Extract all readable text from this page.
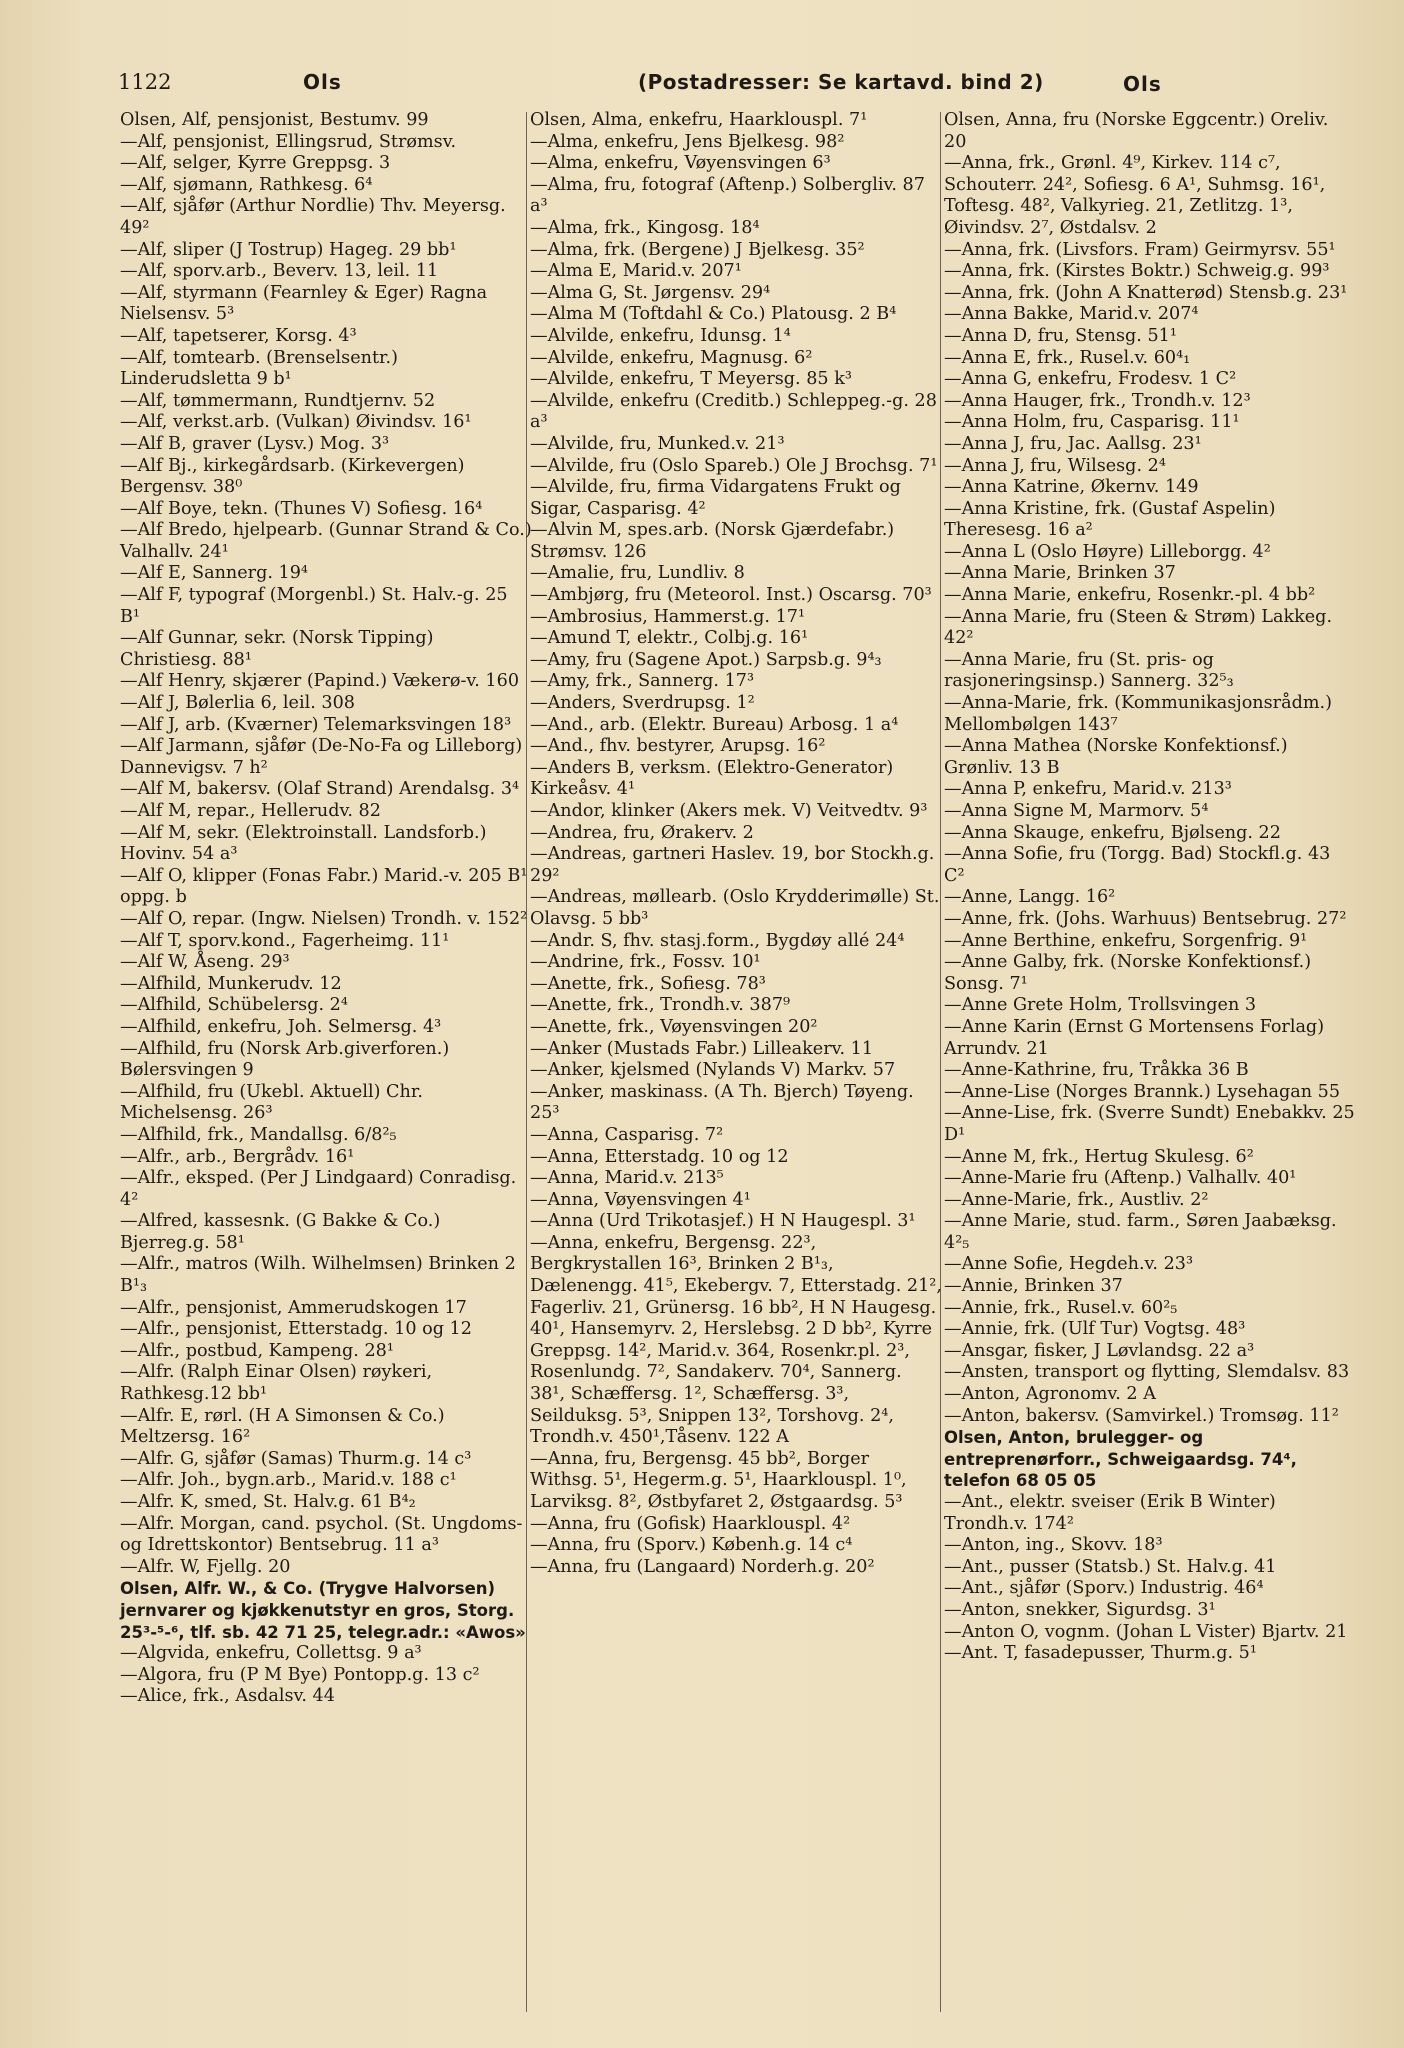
1122	Ols	(Postadresser: Se kartavd. bind 2)	Ols

Olsen, Alf, pensjonist, Bestumv. 99

—Alf, pensjonist, Ellingsrud, Strømsv.

—Alf, selger, Kyrre Greppsg. 3

—Alf, sjømann, Rathkesg. 6⁴

—Alf, sjåfør (Arthur Nordlie) Thv. Meyersg. 49²

—Alf, sliper (J Tostrup) Hageg. 29 bb¹

—Alf, sporv.arb., Beverv. 13, leil. 11

—Alf, styrmann (Fearnley & Eger) Ragna Nielsensv. 5³

—Alf, tapetserer, Korsg. 4³

—Alf, tomtearb. (Brenselsentr.) Linderudsletta 9 b¹

—Alf, tømmermann, Rundtjernv. 52

—Alf, verkst.arb. (Vulkan) Øivindsv. 16¹

—Alf B, graver (Lysv.) Mog. 3³

—Alf Bj., kirkegårdsarb. (Kirkevergen) Bergensv. 38⁰

—Alf Boye, tekn. (Thunes V) Sofiesg. 16⁴

—Alf Bredo, hjelpearb. (Gunnar Strand & Co.) Valhallv. 24¹

—Alf E, Sannerg. 19⁴

—Alf F, typograf (Morgenbl.) St. Halv.-g. 25 B¹

—Alf Gunnar, sekr. (Norsk Tipping) Christiesg. 88¹

—Alf Henry, skjærer (Papind.) Vækerø-v. 160

—Alf J, Bølerlia 6, leil. 308

—Alf J, arb. (Kværner) Telemarksvingen 18³

—Alf Jarmann, sjåfør (De-No-Fa og Lilleborg) Dannevigsv. 7 h²

—Alf M, bakersv. (Olaf Strand) Arendalsg. 3⁴

—Alf M, repar., Hellerudv. 82

—Alf M, sekr. (Elektroinstall. Landsforb.) Hovinv. 54 a³

—Alf O, klipper (Fonas Fabr.) Marid.-v. 205 B¹ oppg. b

—Alf O, repar. (Ingw. Nielsen) Trondh. v. 152²

—Alf T, sporv.kond., Fagerheimg. 11¹

—Alf W, Åseng. 29³

—Alfhild, Munkerudv. 12

—Alfhild, Schübelersg. 2⁴

—Alfhild, enkefru, Joh. Selmersg. 4³

—Alfhild, fru (Norsk Arb.giverforen.) Bølersvingen 9

—Alfhild, fru (Ukebl. Aktuell) Chr. Michelsensg. 26³

—Alfhild, frk., Mandallsg. 6/8²₅

—Alfr., arb., Bergrådv. 16¹

—Alfr., eksped. (Per J Lindgaard) Conradisg. 4²

—Alfred, kassesnk. (G Bakke & Co.) Bjerreg.g. 58¹

—Alfr., matros (Wilh. Wilhelmsen) Brinken 2 B¹₃

—Alfr., pensjonist, Ammerudskogen 17

—Alfr., pensjonist, Etterstadg. 10 og 12

—Alfr., postbud, Kampeng. 28¹

—Alfr. (Ralph Einar Olsen) røykeri, Rathkesg.12 bb¹

—Alfr. E, rørl. (H A Simonsen & Co.) Meltzersg. 16²

—Alfr. G, sjåfør (Samas) Thurm.g. 14 c³

—Alfr. Joh., bygn.arb., Marid.v. 188 c¹

—Alfr. K, smed, St. Halv.g. 61 B⁴₂

—Alfr. Morgan, cand. psychol. (St. Ungdoms- og Idrettskontor) Bentsebrug. 11 a³

—Alfr. W, Fjellg. 20

Olsen, Alfr. W., & Co. (Trygve Halvorsen) jernvarer og kjøkkenutstyr en gros, Storg. 25³-⁵-⁶, tlf. sb. 42 71 25, telegr.adr.: «Awos»

—Algvida, enkefru, Collettsg. 9 a³

—Algora, fru (P M Bye) Pontopp.g. 13 c²

—Alice, frk., Asdalsv. 44

Olsen, Alma, enkefru, Haarklouspl. 7¹

—Alma, enkefru, Jens Bjelkesg. 98²

—Alma, enkefru, Vøyensvingen 6³

—Alma, fru, fotograf (Aftenp.) Solbergliv. 87 a³

—Alma, frk., Kingosg. 18⁴

—Alma, frk. (Bergene) J Bjelkesg. 35²

—Alma E, Marid.v. 207¹

—Alma G, St. Jørgensv. 29⁴

—Alma M (Toftdahl & Co.) Platousg. 2 B⁴

—Alvilde, enkefru, Idunsg. 1⁴

—Alvilde, enkefru, Magnusg. 6²

—Alvilde, enkefru, T Meyersg. 85 k³

—Alvilde, enkefru (Creditb.) Schleppeg.-g. 28 a³

—Alvilde, fru, Munked.v. 21³

—Alvilde, fru (Oslo Spareb.) Ole J Brochsg. 7¹

—Alvilde, fru, firma Vidargatens Frukt og Sigar, Casparisg. 4²

—Alvin M, spes.arb. (Norsk Gjærdefabr.) Strømsv. 126

—Amalie, fru, Lundliv. 8

—Ambjørg, fru (Meteorol. Inst.) Oscarsg. 70³

—Ambrosius, Hammerst.g. 17¹

—Amund T, elektr., Colbj.g. 16¹

—Amy, fru (Sagene Apot.) Sarpsb.g. 9⁴₃

—Amy, frk., Sannerg. 17³

—Anders, Sverdrupsg. 1²

—And., arb. (Elektr. Bureau) Arbosg. 1 a⁴

—And., fhv. bestyrer, Arupsg. 16²

—Anders B, verksm. (Elektro-Generator) Kirkeåsv. 4¹

—Andor, klinker (Akers mek. V) Veitvedtv. 9³

—Andrea, fru, Ørakerv. 2

—Andreas, gartneri Haslev. 19, bor Stockh.g. 29²

—Andreas, møllearb. (Oslo Krydderimølle) St. Olavsg. 5 bb³

—Andr. S, fhv. stasj.form., Bygdøy allé 24⁴

—Andrine, frk., Fossv. 10¹

—Anette, frk., Sofiesg. 78³

—Anette, frk., Trondh.v. 387⁹

—Anette, frk., Vøyensvingen 20²

—Anker (Mustads Fabr.) Lilleakerv. 11

—Anker, kjelsmed (Nylands V) Markv. 57

—Anker, maskinass. (A Th. Bjerch) Tøyeng. 25³

—Anna, Casparisg. 7²

—Anna, Etterstadg. 10 og 12

—Anna, Marid.v. 213⁵

—Anna, Vøyensvingen 4¹

—Anna (Urd Trikotasjef.) H N Haugespl. 3¹

—Anna, enkefru, Bergensg. 22³, Bergkrystallen 16³, Brinken 2 B¹₃, Dælenengg. 41⁵, Ekebergv. 7, Etterstadg. 21², Fagerliv. 21, Grünersg. 16 bb², H N Haugesg. 40¹, Hansemyrv. 2, Herslebsg. 2 D bb², Kyrre Greppsg. 14², Marid.v. 364, Rosenkr.pl. 2³, Rosenlundg. 7², Sandakerv. 70⁴, Sannerg. 38¹, Schæffersg. 1², Schæffersg. 3³, Seilduksg. 5³, Snippen 13², Torshovg. 2⁴, Trondh.v. 450¹,Tåsenv. 122 A

—Anna, fru, Bergensg. 45 bb², Borger Withsg. 5¹, Hegerm.g. 5¹, Haarklouspl. 1⁰, Larviksg. 8², Østbyfaret 2, Østgaardsg. 5³

—Anna, fru (Gofisk) Haarklouspl. 4²

—Anna, fru (Sporv.) Københ.g. 14 c⁴

—Anna, fru (Langaard) Norderh.g. 20²

Olsen, Anna, fru (Norske Eggcentr.) Oreliv. 20

—Anna, frk., Grønl. 4⁹, Kirkev. 114 c⁷, Schouterr. 24², Sofiesg. 6 A¹, Suhmsg. 16¹, Toftesg. 48², Valkyrieg. 21, Zetlitzg. 1³, Øivindsv. 2⁷, Østdalsv. 2

—Anna, frk. (Livsfors. Fram) Geirmyrsv. 55¹

—Anna, frk. (Kirstes Boktr.) Schweig.g. 99³

—Anna, frk. (John A Knatterød) Stensb.g. 23¹

—Anna Bakke, Marid.v. 207⁴

—Anna D, fru, Stensg. 51¹

—Anna E, frk., Rusel.v. 60⁴₁

—Anna G, enkefru, Frodesv. 1 C²

—Anna Hauger, frk., Trondh.v. 12³

—Anna Holm, fru, Casparisg. 11¹

—Anna J, fru, Jac. Aallsg. 23¹

—Anna J, fru, Wilsesg. 2⁴

—Anna Katrine, Økernv. 149

—Anna Kristine, frk. (Gustaf Aspelin) Theresesg. 16 a²

—Anna L (Oslo Høyre) Lilleborgg. 4²

—Anna Marie, Brinken 37

—Anna Marie, enkefru, Rosenkr.-pl. 4 bb²

—Anna Marie, fru (Steen & Strøm) Lakkeg. 42²

—Anna Marie, fru (St. pris- og rasjoneringsinsp.) Sannerg. 32⁵₃

—Anna-Marie, frk. (Kommunikasjonsrådm.) Mellombølgen 143⁷

—Anna Mathea (Norske Konfektionsf.) Grønliv. 13 B

—Anna P, enkefru, Marid.v. 213³

—Anna Signe M, Marmorv. 5⁴

—Anna Skauge, enkefru, Bjølseng. 22

—Anna Sofie, fru (Torgg. Bad) Stockfl.g. 43 C²

—Anne, Langg. 16²

—Anne, frk. (Johs. Warhuus) Bentsebrug. 27²

—Anne Berthine, enkefru, Sorgenfrig. 9¹

—Anne Galby, frk. (Norske Konfektionsf.) Sonsg. 7¹

—Anne Grete Holm, Trollsvingen 3

—Anne Karin (Ernst G Mortensens Forlag) Arrundv. 21

—Anne-Kathrine, fru, Tråkka 36 B

—Anne-Lise (Norges Brannk.) Lysehagan 55

—Anne-Lise, frk. (Sverre Sundt) Enebakkv. 25 D¹

—Anne M, frk., Hertug Skulesg. 6²

—Anne-Marie fru (Aftenp.) Valhallv. 40¹

—Anne-Marie, frk., Austliv. 2²

—Anne Marie, stud. farm., Søren Jaabæksg. 4²₅

—Anne Sofie, Hegdeh.v. 23³

—Annie, Brinken 37

—Annie, frk., Rusel.v. 60²₅

—Annie, frk. (Ulf Tur) Vogtsg. 48³

—Ansgar, fisker, J Løvlandsg. 22 a³

—Ansten, transport og flytting, Slemdalsv. 83

—Anton, Agronomv. 2 A

—Anton, bakersv. (Samvirkel.) Tromsøg. 11²

Olsen, Anton, brulegger- og entreprenørforr., Schweigaardsg. 74⁴, telefon 68 05 05

—Ant., elektr. sveiser (Erik B Winter) Trondh.v. 174²

—Anton, ing., Skovv. 18³

—Ant., pusser (Statsb.) St. Halv.g. 41

—Ant., sjåfør (Sporv.) Industrig. 46⁴

—Anton, snekker, Sigurdsg. 3¹

—Anton O, vognm. (Johan L Vister) Bjartv. 21

—Ant. T, fasadepusser, Thurm.g. 5¹
